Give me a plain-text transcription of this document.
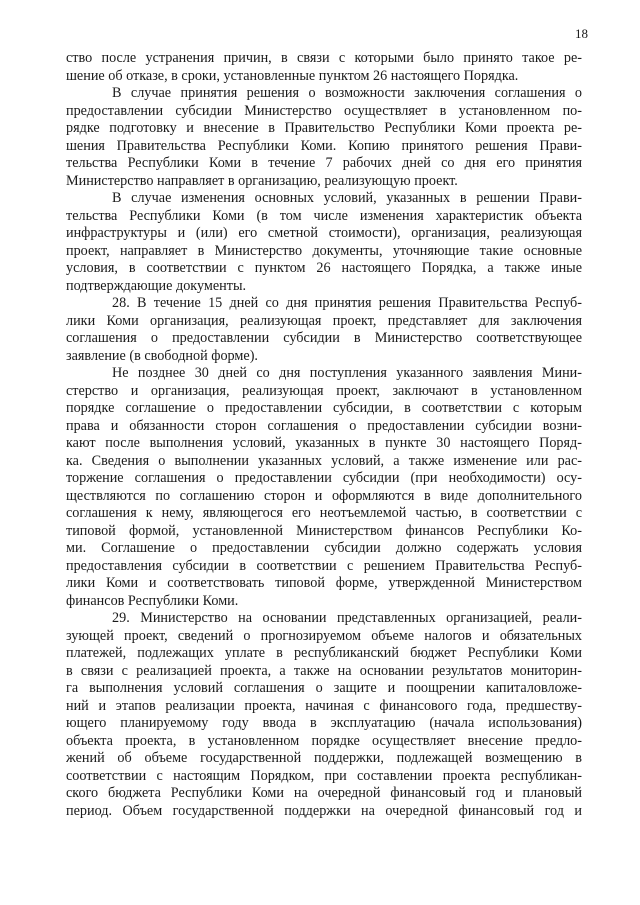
18
ство после устранения причин, в связи с которыми было принято такое ре-
шение об отказе, в сроки, установленные пунктом 26 настоящего Порядка.
В случае принятия решения о возможности заключения соглашения о
предоставлении субсидии Министерство осуществляет в установленном по-
рядке подготовку и внесение в Правительство Республики Коми проекта ре-
шения Правительства Республики Коми. Копию принятого решения Прави-
тельства Республики Коми в течение 7 рабочих дней со дня его принятия
Министерство направляет в организацию, реализующую проект.
В случае изменения основных условий, указанных в решении Прави-
тельства Республики Коми (в том числе изменения характеристик объекта
инфраструктуры и (или) его сметной стоимости), организация, реализующая
проект, направляет в Министерство документы, уточняющие такие основные
условия, в соответствии с пунктом 26 настоящего Порядка, а также иные
подтверждающие документы.
28. В течение 15 дней со дня принятия решения Правительства Респуб-
лики Коми организация, реализующая проект, представляет для заключения
соглашения о предоставлении субсидии в Министерство соответствующее
заявление (в свободной форме).
Не позднее 30 дней со дня поступления указанного заявления Мини-
стерство и организация, реализующая проект, заключают в установленном
порядке соглашение о предоставлении субсидии, в соответствии с которым
права и обязанности сторон соглашения о предоставлении субсидии возни-
кают после выполнения условий, указанных в пункте 30 настоящего Поряд-
ка. Сведения о выполнении указанных условий, а также изменение или рас-
торжение соглашения о предоставлении субсидии (при необходимости) осу-
ществляются по соглашению сторон и оформляются в виде дополнительного
соглашения к нему, являющегося его неотъемлемой частью, в соответствии с
типовой формой, установленной Министерством финансов Республики Ко-
ми. Соглашение о предоставлении субсидии должно содержать условия
предоставления субсидии в соответствии с решением Правительства Респуб-
лики Коми и соответствовать типовой форме, утвержденной Министерством
финансов Республики Коми.
29. Министерство на основании представленных организацией, реали-
зующей проект, сведений о прогнозируемом объеме налогов и обязательных
платежей, подлежащих уплате в республиканский бюджет Республики Коми
в связи с реализацией проекта, а также на основании результатов мониторин-
га выполнения условий соглашения о защите и поощрении капиталовложе-
ний и этапов реализации проекта, начиная с финансового года, предшеству-
ющего планируемому году ввода в эксплуатацию (начала использования)
объекта проекта, в установленном порядке осуществляет внесение предло-
жений об объеме государственной поддержки, подлежащей возмещению в
соответствии с настоящим Порядком, при составлении проекта республикан-
ского бюджета Республики Коми на очередной финансовый год и плановый
период. Объем государственной поддержки на очередной финансовый год и
